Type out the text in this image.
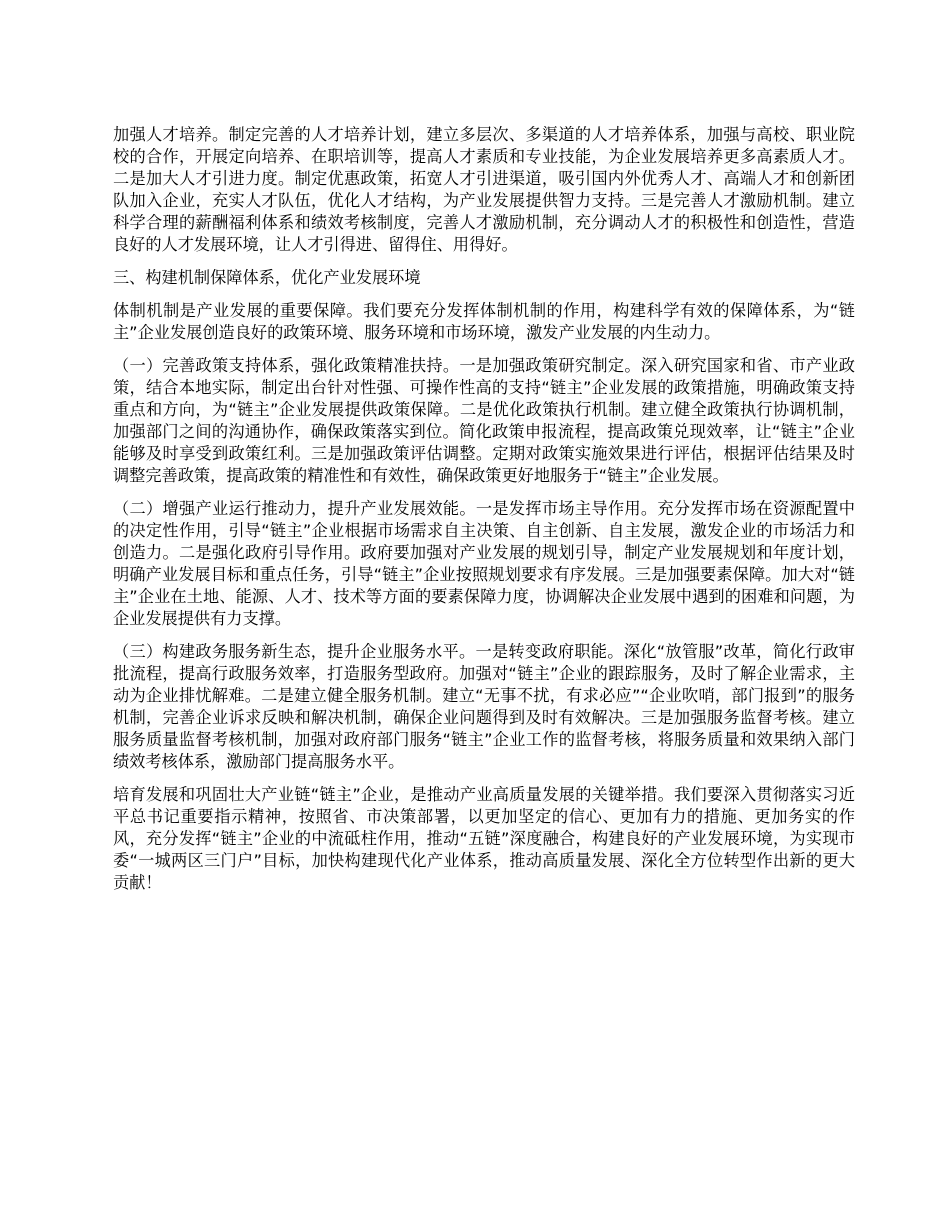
加强人才培养。制定完善的人才培养计划，建立多层次、多渠道的人才培养体系，加强与高校、职业院校的合作，开展定向培养、在职培训等，提高人才素质和专业技能，为企业发展培养更多高素质人才。二是加大人才引进力度。制定优惠政策，拓宽人才引进渠道，吸引国内外优秀人才、高端人才和创新团队加入企业，充实人才队伍，优化人才结构，为产业发展提供智力支持。三是完善人才激励机制。建立科学合理的薪酬福利体系和绩效考核制度，完善人才激励机制，充分调动人才的积极性和创造性，营造良好的人才发展环境，让人才引得进、留得住、用得好。

三、构建机制保障体系，优化产业发展环境

体制机制是产业发展的重要保障。我们要充分发挥体制机制的作用，构建科学有效的保障体系，为“链主”企业发展创造良好的政策环境、服务环境和市场环境，激发产业发展的内生动力。

（一）完善政策支持体系，强化政策精准扶持。一是加强政策研究制定。深入研究国家和省、市产业政策，结合本地实际，制定出台针对性强、可操作性高的支持“链主”企业发展的政策措施，明确政策支持重点和方向，为“链主”企业发展提供政策保障。二是优化政策执行机制。建立健全政策执行协调机制，加强部门之间的沟通协作，确保政策落实到位。简化政策申报流程，提高政策兑现效率，让“链主”企业能够及时享受到政策红利。三是加强政策评估调整。定期对政策实施效果进行评估，根据评估结果及时调整完善政策，提高政策的精准性和有效性，确保政策更好地服务于“链主”企业发展。

（二）增强产业运行推动力，提升产业发展效能。一是发挥市场主导作用。充分发挥市场在资源配置中的决定性作用，引导“链主”企业根据市场需求自主决策、自主创新、自主发展，激发企业的市场活力和创造力。二是强化政府引导作用。政府要加强对产业发展的规划引导，制定产业发展规划和年度计划，明确产业发展目标和重点任务，引导“链主”企业按照规划要求有序发展。三是加强要素保障。加大对“链主”企业在土地、能源、人才、技术等方面的要素保障力度，协调解决企业发展中遇到的困难和问题，为企业发展提供有力支撑。

（三）构建政务服务新生态，提升企业服务水平。一是转变政府职能。深化“放管服”改革，简化行政审批流程，提高行政服务效率，打造服务型政府。加强对“链主”企业的跟踪服务，及时了解企业需求，主动为企业排忧解难。二是建立健全服务机制。建立“无事不扰，有求必应”“企业吹哨，部门报到”的服务机制，完善企业诉求反映和解决机制，确保企业问题得到及时有效解决。三是加强服务监督考核。建立服务质量监督考核机制，加强对政府部门服务“链主”企业工作的监督考核，将服务质量和效果纳入部门绩效考核体系，激励部门提高服务水平。

培育发展和巩固壮大产业链“链主”企业，是推动产业高质量发展的关键举措。我们要深入贯彻落实习近平总书记重要指示精神，按照省、市决策部署，以更加坚定的信心、更加有力的措施、更加务实的作风，充分发挥“链主”企业的中流砥柱作用，推动“五链”深度融合，构建良好的产业发展环境，为实现市委“一城两区三门户”目标，加快构建现代化产业体系，推动高质量发展、深化全方位转型作出新的更大贡献！
